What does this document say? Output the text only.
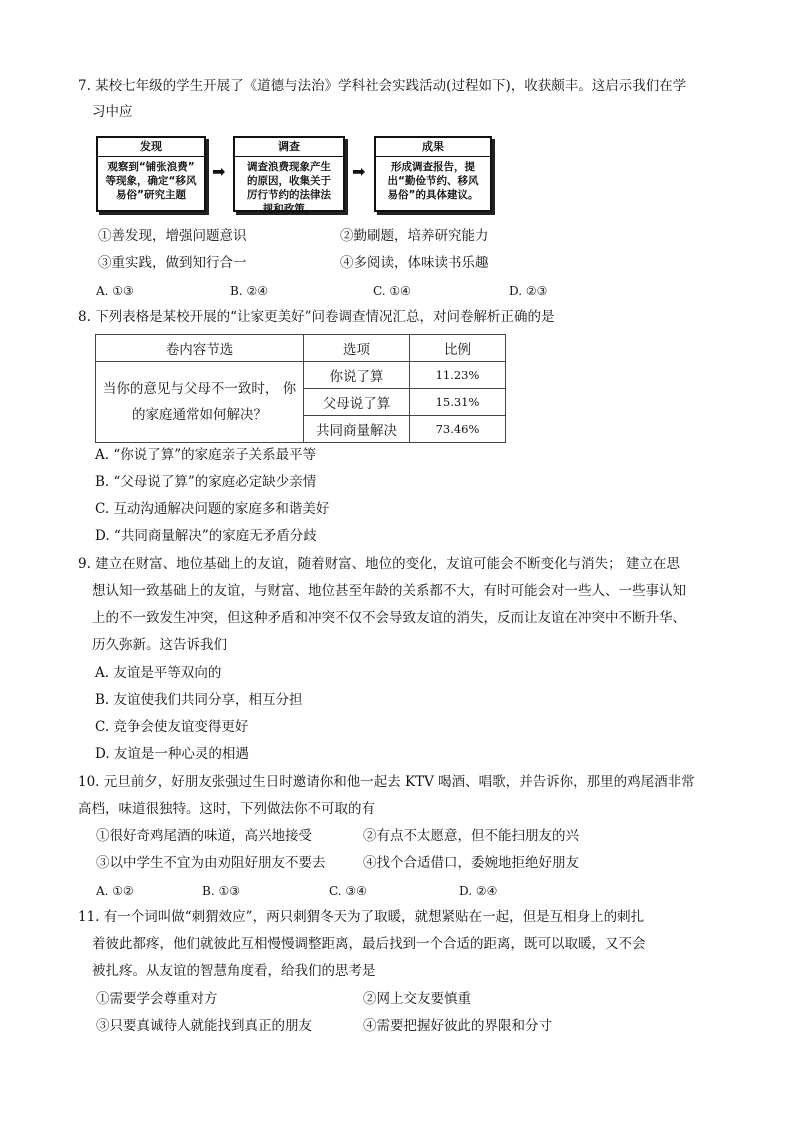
7. 某校七年级的学生开展了《道德与法治》学科社会实践活动(过程如下)，收获颇丰。这启示我们在学
习中应
发现
观察到“铺张浪费”
等现象，确定“移风
易俗”研究主题
➡
调查
调查浪费现象产生
的原因，收集关于
厉行节约的法律法
规和政策。
➡
成果
形成调查报告，提
出“勤俭节约、移风
易俗”的具体建议。
①善发现，增强问题意识	②勤刷题，培养研究能力
③重实践，做到知行合一	④多阅读，体味读书乐趣
A. ①③	B. ②④	C. ①④	D. ②③
8. 下列表格是某校开展的“让家更美好”问卷调查情况汇总，对问卷解析正确的是
卷内容节选	选项	比例

当你的意见与父母不一致时， 你
的家庭通常如何解决？	你说了算	11.23%
	父母说了算	15.31%
	共同商量解决	73.46%
A. “你说了算”的家庭亲子关系最平等
B. “父母说了算”的家庭必定缺少亲情
C. 互动沟通解决问题的家庭多和谐美好
D. “共同商量解决”的家庭无矛盾分歧
9. 建立在财富、地位基础上的友谊，随着财富、地位的变化，友谊可能会不断变化与消失； 建立在思
想认知一致基础上的友谊，与财富、地位甚至年龄的关系都不大，有时可能会对一些人、一些事认知
上的不一致发生冲突，但这种矛盾和冲突不仅不会导致友谊的消失，反而让友谊在冲突中不断升华、
历久弥新。这告诉我们
A. 友谊是平等双向的
B. 友谊使我们共同分享，相互分担
C. 竞争会使友谊变得更好
D. 友谊是一种心灵的相遇
10. 元旦前夕，好朋友张强过生日时邀请你和他一起去 KTV 喝酒、唱歌，并告诉你，那里的鸡尾酒非常
高档，味道很独特。这时，下列做法你不可取的有
①很好奇鸡尾酒的味道，高兴地接受	②有点不太愿意，但不能扫朋友的兴
③以中学生不宜为由劝阻好朋友不要去	④找个合适借口，委婉地拒绝好朋友
A. ①②	B. ①③	C. ③④	D. ②④
11. 有一个词叫做“刺猬效应”，两只刺猬冬天为了取暖，就想紧贴在一起，但是互相身上的刺扎
着彼此都疼，他们就彼此互相慢慢调整距离，最后找到一个合适的距离，既可以取暖，又不会
被扎疼。从友谊的智慧角度看，给我们的思考是
①需要学会尊重对方	②网上交友要慎重
③只要真诚待人就能找到真正的朋友	④需要把握好彼此的界限和分寸
